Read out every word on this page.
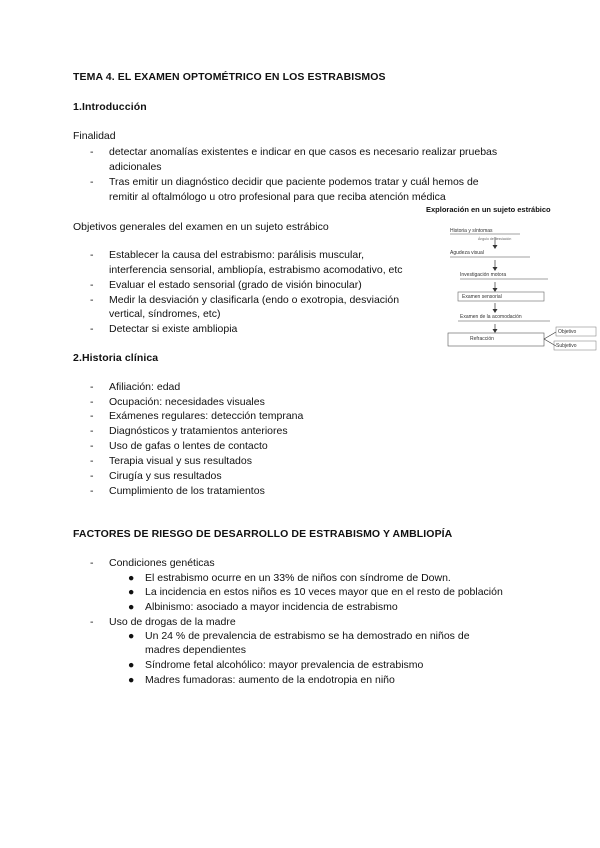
TEMA 4. EL EXAMEN OPTOMÉTRICO EN LOS ESTRABISMOS
1.Introducción
Finalidad
- detectar anomalías existentes e indicar en que casos es necesario realizar pruebas
adicionales
- Tras emitir un diagnóstico decidir que paciente podemos tratar y cuál hemos de
remitir al oftalmólogo u otro profesional para que reciba atención médica
Objetivos generales del examen en un sujeto estrábico
- Establecer la causa del estrabismo: parálisis muscular,
interferencia sensorial, ambliopía, estrabismo acomodativo, etc
- Evaluar el estado sensorial (grado de visión binocular)
- Medir la desviación y clasificarla (endo o exotropia, desviación
vertical, síndromes, etc)
- Detectar si existe ambliopia
Exploración en un sujeto estrábico
Historia y síntomas
Agudeza visual
Investigación motora
Examen sensorial
Examen de la acomodación
Refracción
Ángulo de desviación
Objetivo
Subjetivo
2.Historia clínica
- Afiliación: edad
- Ocupación: necesidades visuales
- Exámenes regulares: detección temprana
- Diagnósticos y tratamientos anteriores
- Uso de gafas o lentes de contacto
- Terapia visual y sus resultados
- Cirugía y sus resultados
- Cumplimiento de los tratamientos
FACTORES DE RIESGO DE DESARROLLO DE ESTRABISMO Y AMBLIOPÍA
- Condiciones genéticas
● El estrabismo ocurre en un 33% de niños con síndrome de Down.
● La incidencia en estos niños es 10 veces mayor que en el resto de población
● Albinismo: asociado a mayor incidencia de estrabismo
- Uso de drogas de la madre
● Un 24 % de prevalencia de estrabismo se ha demostrado en niños de
madres dependientes
● Síndrome fetal alcohólico: mayor prevalencia de estrabismo
● Madres fumadoras: aumento de la endotropia en niño
